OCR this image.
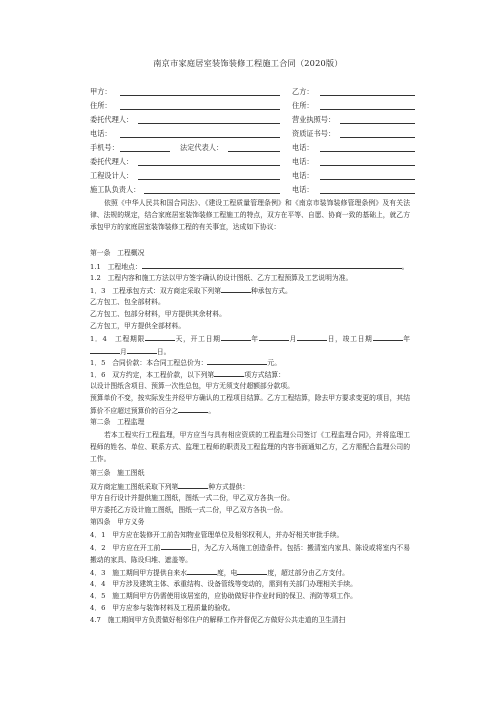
南京市家庭居室装饰装修工程施工合同（2020版）
甲方：	乙方：
住所：	住所：
委托代理人：	营业执照号：
电话：	资质证书号：
手机号：	法定代表人：	电话：
委托代理人：	电话：
工程设计人：	电话：
施工队负责人：	电话：
依照《中华人民共和国合同法》、《建设工程质量管理条例》和《南京市装饰装修管理条例》及有关法律、法规的规定，结合家庭居室装饰装修工程施工的特点，双方在平等、自愿、协商一致的基础上，就乙方承包甲方的家庭居室装饰装修工程的有关事宜，达成如下协议：
第一条　工程概况
1.1　工程地点：	。
1.2　工程内容和施工方法以甲方签字确认的设计图纸、乙方工程预算及工艺说明为准。
1．3　工程承包方式：双方商定采取下列第	种承包方式。
乙方包工、包全部材料。
乙方包工、包部分材料，甲方提供其余材料。
乙方包工，甲方提供全部材料。
1．4　工程期限	天，开工日期	年	月	日，竣工日期	年月	日。
1．5　合同价款：本合同工程总价为：	元。
1．6　双方约定，本工程价款，以下列第	项方式结算：
以设计图纸含项目、预算一次性总包，甲方无须支付超额部分款项。
预算单价不变，按实际发生并经甲方确认的工程项目结算。乙方工程结算，除去甲方要求变更的项目，其结算价不应超过预算价的百分之	。
第二条　工程监理
若本工程实行工程监理，甲方应当与具有相应资质的工程监理公司签订《工程监理合同》，并将监理工程师的姓名、单位、联系方式、监理工程师的职责及工程监理的内容书面通知乙方，乙方需配合监理公司的工作。
第三条　施工图纸
双方商定施工图纸采取下列第	种方式提供：
甲方自行设计并提供施工图纸，图纸一式二份，甲乙双方各执一份。
甲方委托乙方设计施工图纸，图纸一式二份，甲乙双方各执一份。
第四条　甲方义务
4．1　甲方应在装修开工前告知物业管理单位及相邻权利人，并办好相关审批手续。
4．2　甲方应在开工前	日，为乙方入场施工创造条件。包括：搬清室内家具、陈设或将室内不易搬动的家具、陈设归堆、遮盖等。
4．3　施工期间甲方提供自来水	度，电	度，超过部分由乙方支付。
4．4　甲方涉及建筑主体、承重结构、设备管线等变动的，需到有关部门办理相关手续。
4．5　施工期间甲方仍需使用该居室的，应协助做好非作业时间的保卫、消防等项工作。
4．6　甲方应参与装饰材料及工程质量的验收。
4.7　施工期间甲方负责做好相邻住户的解释工作并督促乙方做好公共走道的卫生清扫
